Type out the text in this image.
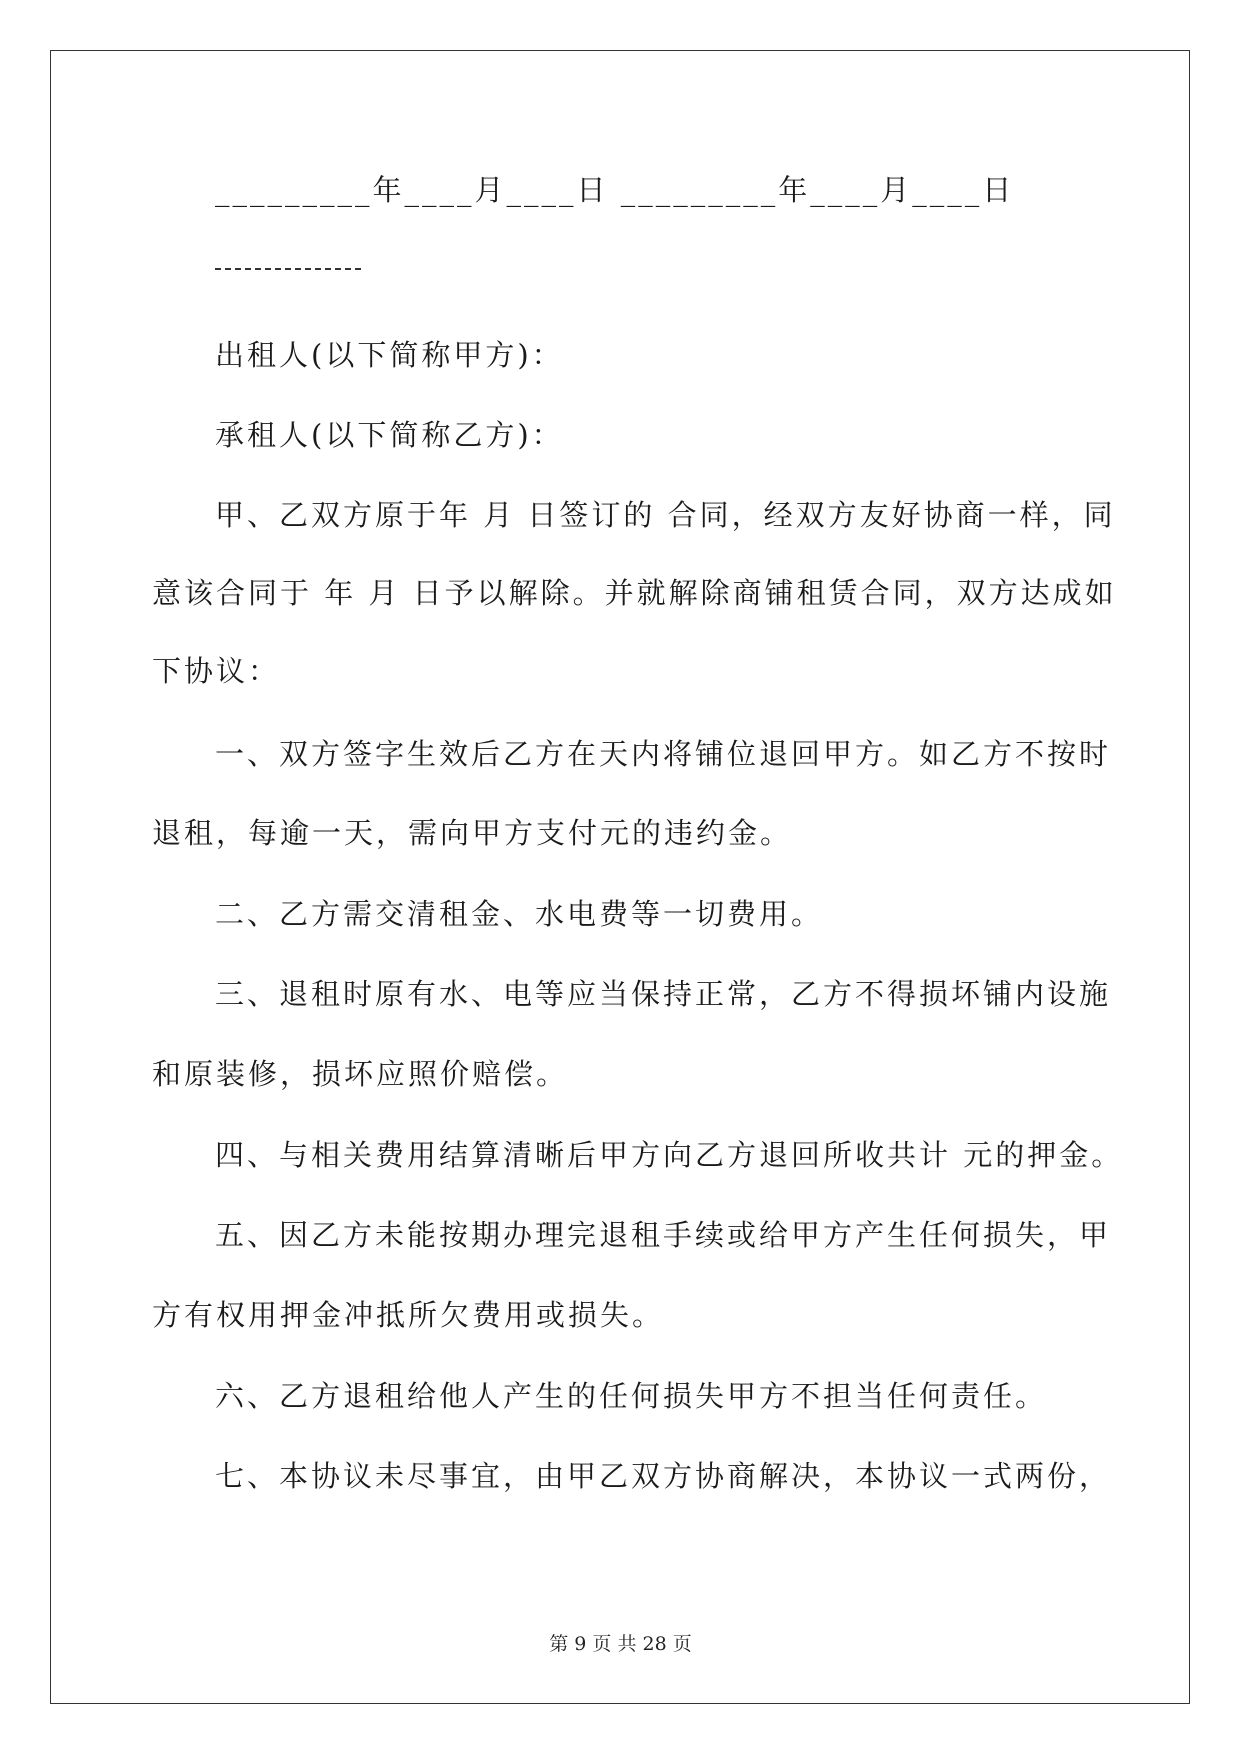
_________年____月____日 _________年____月____日
出租人(以下简称甲方)：
承租人(以下简称乙方)：
甲、乙双方原于年 月 日签订的 合同，经双方友好协商一样，同
意该合同于 年 月 日予以解除。并就解除商铺租赁合同，双方达成如
下协议：
一、双方签字生效后乙方在天内将铺位退回甲方。如乙方不按时
退租，每逾一天，需向甲方支付元的违约金。
二、乙方需交清租金、水电费等一切费用。
三、退租时原有水、电等应当保持正常，乙方不得损坏铺内设施
和原装修，损坏应照价赔偿。
四、与相关费用结算清晰后甲方向乙方退回所收共计 元的押金。
五、因乙方未能按期办理完退租手续或给甲方产生任何损失，甲
方有权用押金冲抵所欠费用或损失。
六、乙方退租给他人产生的任何损失甲方不担当任何责任。
七、本协议未尽事宜，由甲乙双方协商解决，本协议一式两份，
第 9 页 共 28 页
